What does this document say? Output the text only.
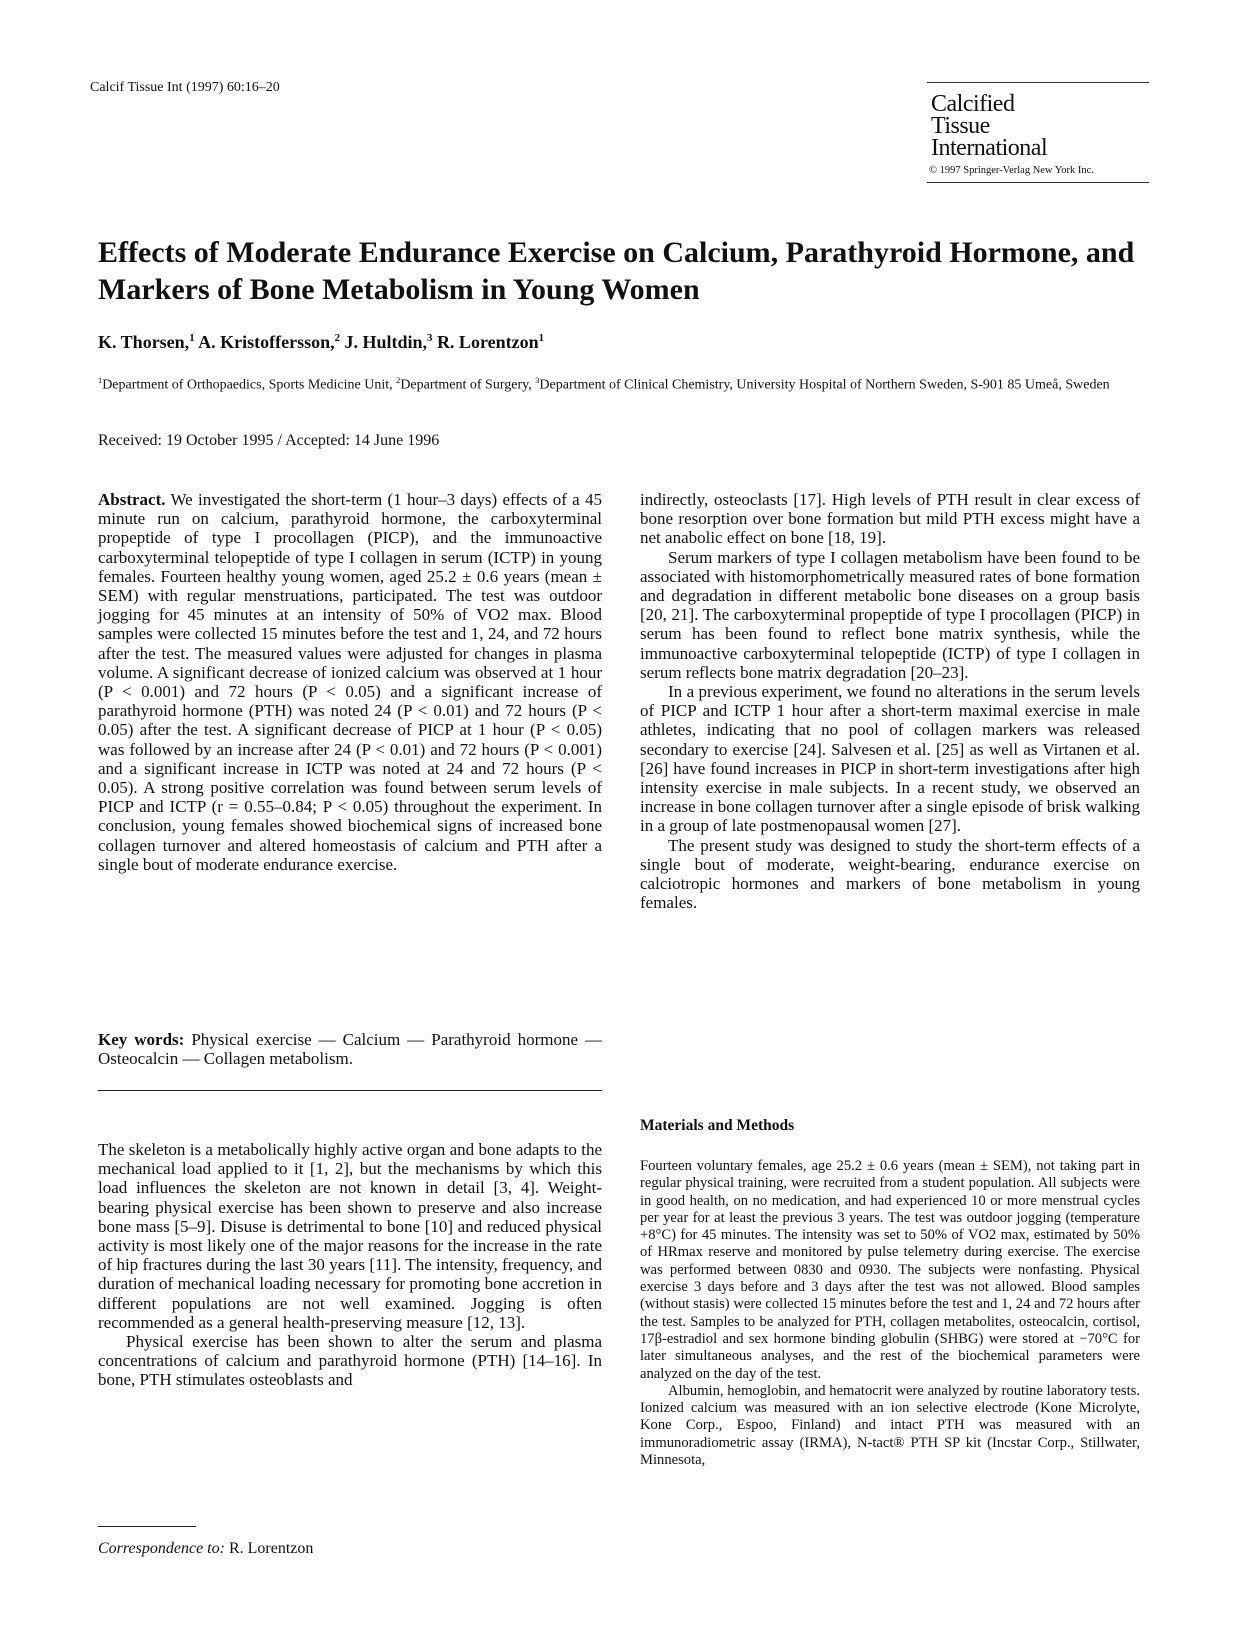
Calcif Tissue Int (1997) 60:16–20
Calcified
Tissue
International
© 1997 Springer-Verlag New York Inc.
Effects of Moderate Endurance Exercise on Calcium, Parathyroid Hormone, and Markers of Bone Metabolism in Young Women
K. Thorsen,$^1$ A. Kristoffersson,$^2$ J. Hultdin,$^3$ R. Lorentzon$^1$
$^1$Department of Orthopaedics, Sports Medicine Unit, $^2$Department of Surgery, $^3$Department of Clinical Chemistry, University Hospital of Northern Sweden, S-901 85 Umeå, Sweden
Received: 19 October 1995 / Accepted: 14 June 1996

Abstract. We investigated the short-term (1 hour–3 days) effects of a 45 minute run on calcium, parathyroid hormone, the carboxyterminal propeptide of type I procollagen (PICP), and the immunoactive carboxyterminal telopeptide of type I collagen in serum (ICTP) in young females. Fourteen healthy young women, aged 25.2 ± 0.6 years (mean ± SEM) with regular menstruations, participated. The test was outdoor jogging for 45 minutes at an intensity of 50% of VO2 max. Blood samples were collected 15 minutes before the test and 1, 24, and 72 hours after the test. The measured values were adjusted for changes in plasma volume. A significant decrease of ionized calcium was observed at 1 hour (P < 0.001) and 72 hours (P < 0.05) and a significant increase of parathyroid hormone (PTH) was noted 24 (P < 0.01) and 72 hours (P < 0.05) after the test. A significant decrease of PICP at 1 hour (P < 0.05) was followed by an increase after 24 (P < 0.01) and 72 hours (P < 0.001) and a significant increase in ICTP was noted at 24 and 72 hours (P < 0.05). A strong positive correlation was found between serum levels of PICP and ICTP (r = 0.55–0.84; P < 0.05) throughout the experiment. In conclusion, young females showed biochemical signs of increased bone collagen turnover and altered homeostasis of calcium and PTH after a single bout of moderate endurance exercise.

Key words: Physical exercise — Calcium — Parathyroid hormone — Osteocalcin — Collagen metabolism.

The skeleton is a metabolically highly active organ and bone adapts to the mechanical load applied to it [1, 2], but the mechanisms by which this load influences the skeleton are not known in detail [3, 4]. Weight-bearing physical exercise has been shown to preserve and also increase bone mass [5–9]. Disuse is detrimental to bone [10] and reduced physical activity is most likely one of the major reasons for the increase in the rate of hip fractures during the last 30 years [11]. The intensity, frequency, and duration of mechanical loading necessary for promoting bone accretion in different populations are not well examined. Jogging is often recommended as a general health-preserving measure [12, 13].

Physical exercise has been shown to alter the serum and plasma concentrations of calcium and parathyroid hormone (PTH) [14–16]. In bone, PTH stimulates osteoblasts and

indirectly, osteoclasts [17]. High levels of PTH result in clear excess of bone resorption over bone formation but mild PTH excess might have a net anabolic effect on bone [18, 19].

Serum markers of type I collagen metabolism have been found to be associated with histomorphometrically measured rates of bone formation and degradation in different metabolic bone diseases on a group basis [20, 21]. The carboxyterminal propeptide of type I procollagen (PICP) in serum has been found to reflect bone matrix synthesis, while the immunoactive carboxyterminal telopeptide (ICTP) of type I collagen in serum reflects bone matrix degradation [20–23].

In a previous experiment, we found no alterations in the serum levels of PICP and ICTP 1 hour after a short-term maximal exercise in male athletes, indicating that no pool of collagen markers was released secondary to exercise [24]. Salvesen et al. [25] as well as Virtanen et al. [26] have found increases in PICP in short-term investigations after high intensity exercise in male subjects. In a recent study, we observed an increase in bone collagen turnover after a single episode of brisk walking in a group of late postmenopausal women [27].

The present study was designed to study the short-term effects of a single bout of moderate, weight-bearing, endurance exercise on calciotropic hormones and markers of bone metabolism in young females.

Materials and Methods

Fourteen voluntary females, age 25.2 ± 0.6 years (mean ± SEM), not taking part in regular physical training, were recruited from a student population. All subjects were in good health, on no medication, and had experienced 10 or more menstrual cycles per year for at least the previous 3 years. The test was outdoor jogging (temperature +8°C) for 45 minutes. The intensity was set to 50% of VO2 max, estimated by 50% of HRmax reserve and monitored by pulse telemetry during exercise. The exercise was performed between 0830 and 0930. The subjects were nonfasting. Physical exercise 3 days before and 3 days after the test was not allowed. Blood samples (without stasis) were collected 15 minutes before the test and 1, 24 and 72 hours after the test. Samples to be analyzed for PTH, collagen metabolites, osteocalcin, cortisol, 17β-estradiol and sex hormone binding globulin (SHBG) were stored at −70°C for later simultaneous analyses, and the rest of the biochemical parameters were analyzed on the day of the test.

Albumin, hemoglobin, and hematocrit were analyzed by routine laboratory tests. Ionized calcium was measured with an ion selective electrode (Kone Microlyte, Kone Corp., Espoo, Finland) and intact PTH was measured with an immunoradiometric assay (IRMA), N-tact® PTH SP kit (Incstar Corp., Stillwater, Minnesota,

Correspondence to: R. Lorentzon
